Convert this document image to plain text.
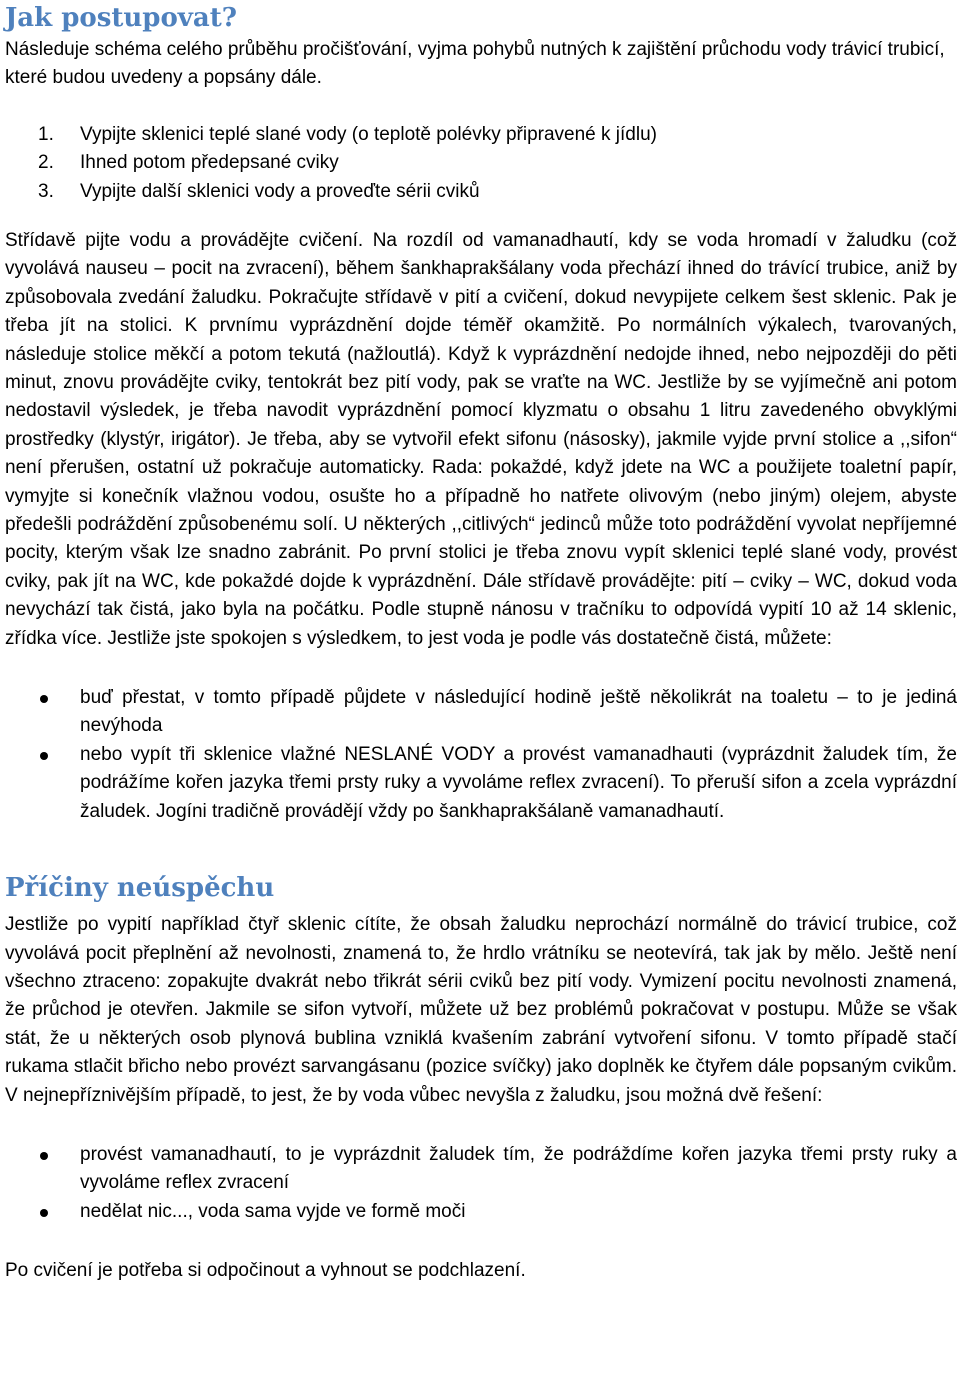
Jak postupovat?

Následuje schéma celého průběhu pročišťování, vyjma pohybů nutných k zajištění průchodu vody trávicí trubicí, které budou uvedeny a popsány dále.

1. Vypijte sklenici teplé slané vody (o teplotě polévky připravené k jídlu)
2. Ihned potom předepsané cviky
3. Vypijte další sklenici vody a proveďte sérii cviků

Střídavě pijte vodu a provádějte cvičení. Na rozdíl od vamanadhautí, kdy se voda hromadí v žaludku (což vyvolává nauseu – pocit na zvracení), během šankhaprakšálany voda přechází ihned do trávící trubice, aniž by způsobovala zvedání žaludku. Pokračujte střídavě v pití a cvičení, dokud nevypijete celkem šest sklenic. Pak je třeba jít na stolici. K prvnímu vyprázdnění dojde téměř okamžitě. Po normálních výkalech, tvarovaných, následuje stolice měkčí a potom tekutá (nažloutlá). Když k vyprázdnění nedojde ihned, nebo nejpozději do pěti minut, znovu provádějte cviky, tentokrát bez pití vody, pak se vraťte na WC. Jestliže by se vyjímečně ani potom nedostavil výsledek, je třeba navodit vyprázdnění pomocí klyzmatu o obsahu 1 litru zavedeného obvyklými prostředky (klystýr, irigátor). Je třeba, aby se vytvořil efekt sifonu (násosky), jakmile vyjde první stolice a ,,sifon“ není přerušen, ostatní už pokračuje automaticky. Rada: pokaždé, když jdete na WC a použijete toaletní papír, vymyjte si konečník vlažnou vodou, osušte ho a případně ho natřete olivovým (nebo jiným) olejem, abyste předešli podráždění způsobenému solí. U některých ,,citlivých“ jedinců může toto podráždění vyvolat nepříjemné pocity, kterým však lze snadno zabránit. Po první stolici je třeba znovu vypít sklenici teplé slané vody, provést cviky, pak jít na WC, kde pokaždé dojde k vyprázdnění. Dále střídavě provádějte: pití – cviky – WC, dokud voda nevychází tak čistá, jako byla na počátku. Podle stupně nánosu v tračníku to odpovídá vypití 10 až 14 sklenic, zřídka více. Jestliže jste spokojen s výsledkem, to jest voda je podle vás dostatečně čistá, můžete:

buď přestat, v tomto případě půjdete v následující hodině ještě několikrát na toaletu – to je jediná nevýhoda
nebo vypít tři sklenice vlažné NESLANÉ VODY a provést vamanadhauti (vyprázdnit žaludek tím, že podrážíme kořen jazyka třemi prsty ruky a vyvoláme reflex zvracení). To přeruší sifon a zcela vyprázdní žaludek. Jogíni tradičně provádějí vždy po šankhaprakšálaně vamanadhautí.
Příčiny neúspěchu

Jestliže po vypití například čtyř sklenic cítíte, že obsah žaludku neprochází normálně do trávicí trubice, což vyvolává pocit přeplnění až nevolnosti, znamená to, že hrdlo vrátníku se neotevírá, tak jak by mělo. Ještě není všechno ztraceno: zopakujte dvakrát nebo třikrát sérii cviků bez pití vody. Vymizení pocitu nevolnosti znamená, že průchod je otevřen. Jakmile se sifon vytvoří, můžete už bez problémů pokračovat v postupu. Může se však stát, že u některých osob plynová bublina vzniklá kvašením zabrání vytvoření sifonu. V tomto případě stačí rukama stlačit břicho nebo provézt sarvangásanu (pozice svíčky) jako doplněk ke čtyřem dále popsaným cvikům. V nejnepříznivějším případě, to jest, že by voda vůbec nevyšla z žaludku, jsou možná dvě řešení:

provést vamanadhautí, to je vyprázdnit žaludek tím, že podráždíme kořen jazyka třemi prsty ruky a vyvoláme reflex zvracení
nedělat nic..., voda sama vyjde ve formě moči

Po cvičení je potřeba si odpočinout a vyhnout se podchlazení.
